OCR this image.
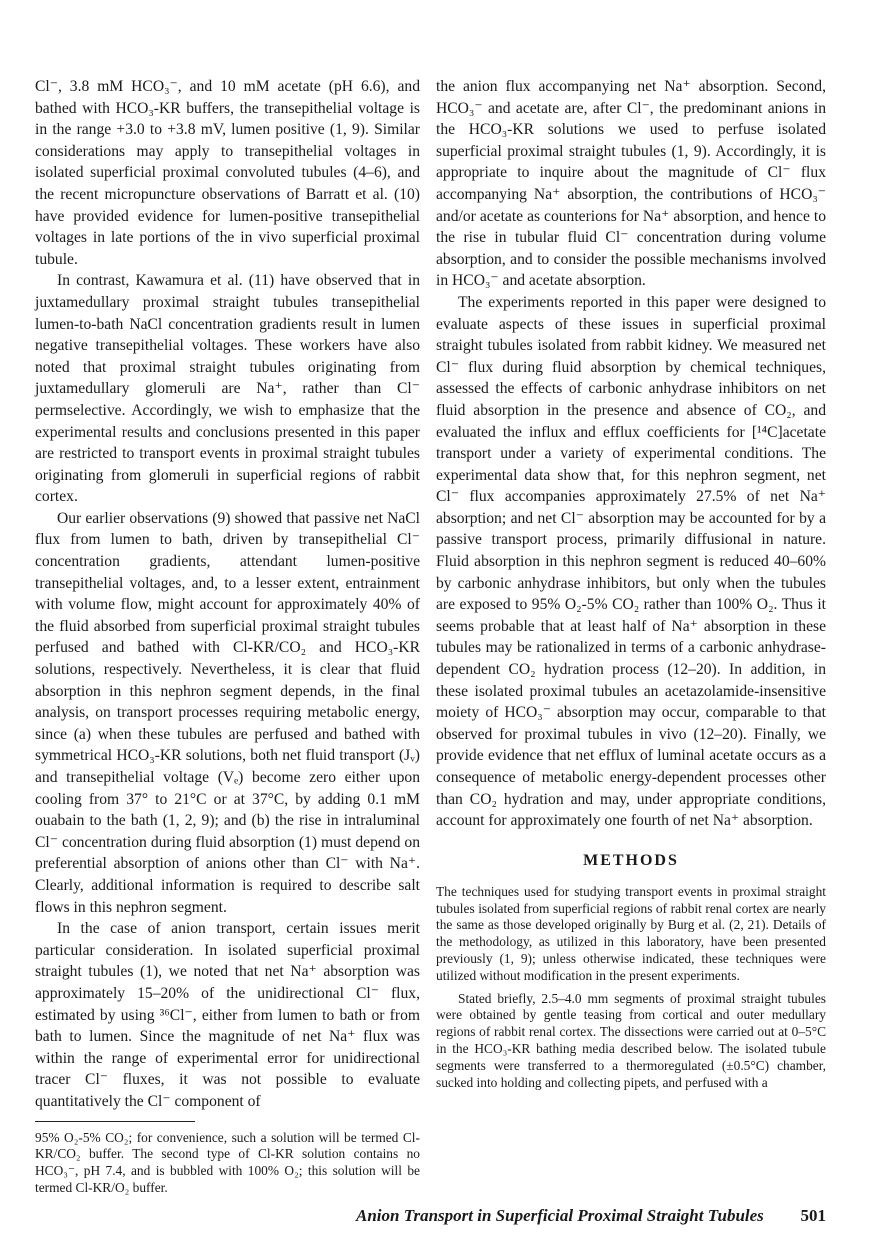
Cl⁻, 3.8 mM HCO₃⁻, and 10 mM acetate (pH 6.6), and bathed with HCO₃-KR buffers, the transepithelial voltage is in the range +3.0 to +3.8 mV, lumen positive (1, 9). Similar considerations may apply to transepithelial voltages in isolated superficial proximal convoluted tubules (4–6), and the recent micropuncture observations of Barratt et al. (10) have provided evidence for lumen-positive transepithelial voltages in late portions of the in vivo superficial proximal tubule.

In contrast, Kawamura et al. (11) have observed that in juxtamedullary proximal straight tubules transepithelial lumen-to-bath NaCl concentration gradients result in lumen negative transepithelial voltages. These workers have also noted that proximal straight tubules originating from juxtamedullary glomeruli are Na⁺, rather than Cl⁻ permselective. Accordingly, we wish to emphasize that the experimental results and conclusions presented in this paper are restricted to transport events in proximal straight tubules originating from glomeruli in superficial regions of rabbit cortex.

Our earlier observations (9) showed that passive net NaCl flux from lumen to bath, driven by transepithelial Cl⁻ concentration gradients, attendant lumen-positive transepithelial voltages, and, to a lesser extent, entrainment with volume flow, might account for approximately 40% of the fluid absorbed from superficial proximal straight tubules perfused and bathed with Cl-KR/CO₂ and HCO₃-KR solutions, respectively. Nevertheless, it is clear that fluid absorption in this nephron segment depends, in the final analysis, on transport processes requiring metabolic energy, since (a) when these tubules are perfused and bathed with symmetrical HCO₃-KR solutions, both net fluid transport (Jᵥ) and transepithelial voltage (Vₑ) become zero either upon cooling from 37° to 21°C or at 37°C, by adding 0.1 mM ouabain to the bath (1, 2, 9); and (b) the rise in intraluminal Cl⁻ concentration during fluid absorption (1) must depend on preferential absorption of anions other than Cl⁻ with Na⁺. Clearly, additional information is required to describe salt flows in this nephron segment.

In the case of anion transport, certain issues merit particular consideration. In isolated superficial proximal straight tubules (1), we noted that net Na⁺ absorption was approximately 15–20% of the unidirectional Cl⁻ flux, estimated by using ³⁶Cl⁻, either from lumen to bath or from bath to lumen. Since the magnitude of net Na⁺ flux was within the range of experimental error for unidirectional tracer Cl⁻ fluxes, it was not possible to evaluate quantitatively the Cl⁻ component of

95% O₂-5% CO₂; for convenience, such a solution will be termed Cl-KR/CO₂ buffer. The second type of Cl-KR solution contains no HCO₃⁻, pH 7.4, and is bubbled with 100% O₂; this solution will be termed Cl-KR/O₂ buffer.

the anion flux accompanying net Na⁺ absorption. Second, HCO₃⁻ and acetate are, after Cl⁻, the predominant anions in the HCO₃-KR solutions we used to perfuse isolated superficial proximal straight tubules (1, 9). Accordingly, it is appropriate to inquire about the magnitude of Cl⁻ flux accompanying Na⁺ absorption, the contributions of HCO₃⁻ and/or acetate as counterions for Na⁺ absorption, and hence to the rise in tubular fluid Cl⁻ concentration during volume absorption, and to consider the possible mechanisms involved in HCO₃⁻ and acetate absorption.

The experiments reported in this paper were designed to evaluate aspects of these issues in superficial proximal straight tubules isolated from rabbit kidney. We measured net Cl⁻ flux during fluid absorption by chemical techniques, assessed the effects of carbonic anhydrase inhibitors on net fluid absorption in the presence and absence of CO₂, and evaluated the influx and efflux coefficients for [¹⁴C]acetate transport under a variety of experimental conditions. The experimental data show that, for this nephron segment, net Cl⁻ flux accompanies approximately 27.5% of net Na⁺ absorption; and net Cl⁻ absorption may be accounted for by a passive transport process, primarily diffusional in nature. Fluid absorption in this nephron segment is reduced 40–60% by carbonic anhydrase inhibitors, but only when the tubules are exposed to 95% O₂-5% CO₂ rather than 100% O₂. Thus it seems probable that at least half of Na⁺ absorption in these tubules may be rationalized in terms of a carbonic anhydrase-dependent CO₂ hydration process (12–20). In addition, in these isolated proximal tubules an acetazolamide-insensitive moiety of HCO₃⁻ absorption may occur, comparable to that observed for proximal tubules in vivo (12–20). Finally, we provide evidence that net efflux of luminal acetate occurs as a consequence of metabolic energy-dependent processes other than CO₂ hydration and may, under appropriate conditions, account for approximately one fourth of net Na⁺ absorption.

METHODS

The techniques used for studying transport events in proximal straight tubules isolated from superficial regions of rabbit renal cortex are nearly the same as those developed originally by Burg et al. (2, 21). Details of the methodology, as utilized in this laboratory, have been presented previously (1, 9); unless otherwise indicated, these techniques were utilized without modification in the present experiments.

Stated briefly, 2.5–4.0 mm segments of proximal straight tubules were obtained by gentle teasing from cortical and outer medullary regions of rabbit renal cortex. The dissections were carried out at 0–5°C in the HCO₃-KR bathing media described below. The isolated tubule segments were transferred to a thermoregulated (±0.5°C) chamber, sucked into holding and collecting pipets, and perfused with a

Anion Transport in Superficial Proximal Straight Tubules 501
